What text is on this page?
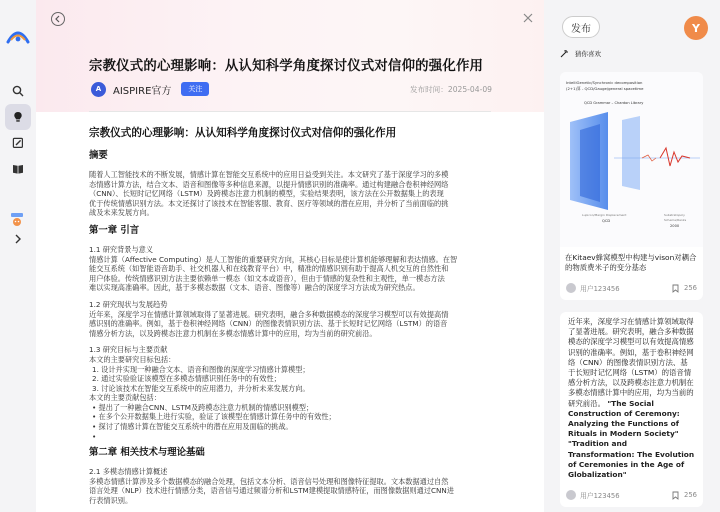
宗教仪式的心理影响：从认知科学角度探讨仪式对信仰的强化作用
A	AISPIRE官方	关注	发布时间：2025-04-09
宗教仪式的心理影响：从认知科学角度探讨仪式对信仰的强化作用
摘要

随着人工智能技术的不断发展，情感计算在智能交互系统中的应用日益受到关注。本文研究了基于深度学习的多模
态情感计算方法，结合文本、语音和图像等多种信息来源，以提升情感识别的准确率。通过构建融合卷积神经网络
（CNN）、长短时记忆网络（LSTM）及跨模态注意力机制的模型，实验结果表明，该方法在公开数据集上的表现
优于传统情感识别方法。本文还探讨了该技术在智能客服、教育、医疗等领域的潜在应用，并分析了当前面临的挑
战及未来发展方向。

第一章 引言
1.1 研究背景与意义

情感计算（Affective Computing）是人工智能的重要研究方向，其核心目标是使计算机能够理解和表达情感。在智
能交互系统（如智能语音助手、社交机器人和在线教育平台）中，精准的情感识别有助于提高人机交互的自然性和
用户体验。传统情感识别方法主要依赖单一模态（如文本或语音），但由于情感的复杂性和主观性，单一模态方法
难以实现高准确率。因此，基于多模态数据（文本、语音、图像等）融合的深度学习方法成为研究热点。

1.2 研究现状与发展趋势

近年来，深度学习在情感计算领域取得了显著进展。研究表明，融合多种数据模态的深度学习模型可以有效提高情
感识别的准确率。例如，基于卷积神经网络（CNN）的图像表情识别方法、基于长短时记忆网络（LSTM）的语音
情感分析方法，以及跨模态注意力机制在多模态情感计算中的应用，均为当前的研究前沿。

1.3 研究目标与主要贡献
本文的主要研究目标包括：
1. 设计并实现一种融合文本、语音和图像的深度学习情感计算模型；
2. 通过实验验证该模型在多模态情感识别任务中的有效性；
3. 讨论该技术在智能交互系统中的应用潜力，并分析未来发展方向。
本文的主要贡献包括：
• 提出了一种融合CNN、LSTM及跨模态注意力机制的情感识别模型；
• 在多个公开数据集上进行实验，验证了该模型在情感计算任务中的有效性；
• 探讨了情感计算在智能交互系统中的潜在应用及面临的挑战。
•
第二章 相关技术与理论基础
2.1 多模态情感计算概述

多模态情感计算涉及多个数据模态的融合处理，包括文本分析、语音信号处理和图像特征提取。文本数据通过自然
语言处理（NLP）技术进行情感分类，语音信号通过频谱分析和LSTM建模提取情感特征，而图像数据则通过CNN进
行表情识别。

发布	Y
猜你喜欢
IntelliGenetic/Synchronic decomposition
(2+1)算 - QCD/Gauge/general spacetime
QCD Grammar – Chardon Library
Lupicon/Margin Displacement
QCD
Substratopoly
Scheme/Ranks
2000
在Kitaev蜂窝模型中构建与vison对耦合的物质费米子的变分基态
用户123456	256
近年来，深度学习在情感计算领域取得了显著进展。研究表明，融合多种数据模态的深度学习模型可以有效提高情感识别的准确率。例如，基于卷积神经网络（CNN）的图像表情识别方法、基于长短时记忆网络（LSTM）的语音情感分析方法，以及跨模态注意力机制在多模态情感计算中的应用，均为当前的研究前沿。 "The Social Construction of Ceremony: Analyzing the Functions of Rituals in Modern Society" "Tradition and Transformation: The Evolution of Ceremonies in the Age of Globalization"
用户123456	256
